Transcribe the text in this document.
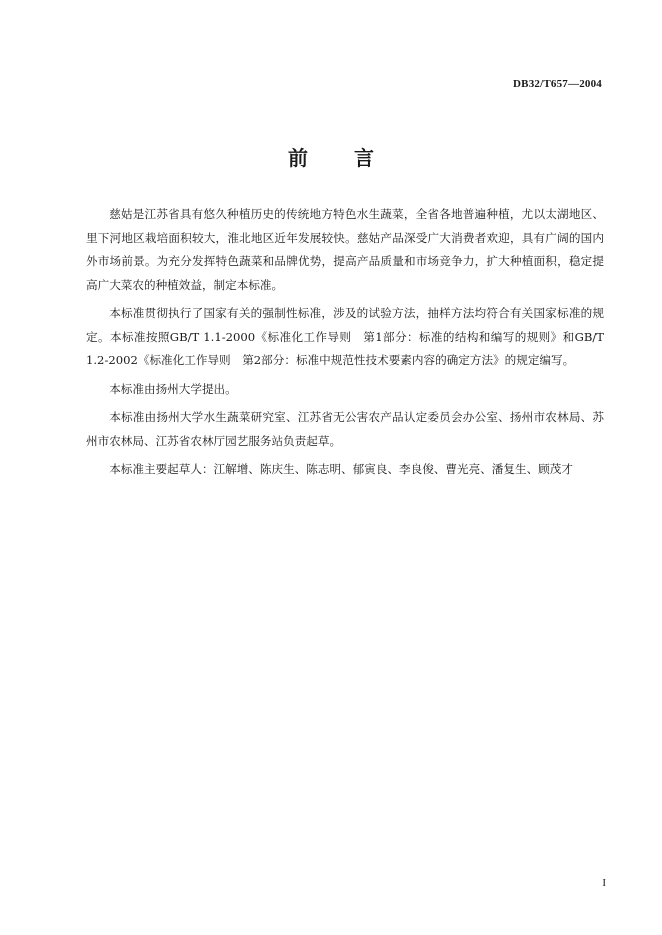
DB32/T657—2004
前 言

慈姑是江苏省具有悠久种植历史的传统地方特色水生蔬菜，全省各地普遍种植，尤以太湖地区、里下河地区栽培面积较大，淮北地区近年发展较快。慈姑产品深受广大消费者欢迎，具有广阔的国内外市场前景。为充分发挥特色蔬菜和品牌优势，提高产品质量和市场竞争力，扩大种植面积，稳定提高广大菜农的种植效益，制定本标准。

本标准贯彻执行了国家有关的强制性标准，涉及的试验方法，抽样方法均符合有关国家标准的规定。本标准按照GB/T 1.1-2000《标准化工作导则　第1部分：标准的结构和编写的规则》和GB/T 1.2-2002《标准化工作导则　第2部分：标准中规范性技术要素内容的确定方法》的规定编写。

本标准由扬州大学提出。

本标准由扬州大学水生蔬菜研究室、江苏省无公害农产品认定委员会办公室、扬州市农林局、苏州市农林局、江苏省农林厅园艺服务站负责起草。

本标准主要起草人：江解增、陈庆生、陈志明、郁寅良、李良俊、曹光亮、潘复生、顾茂才

I
